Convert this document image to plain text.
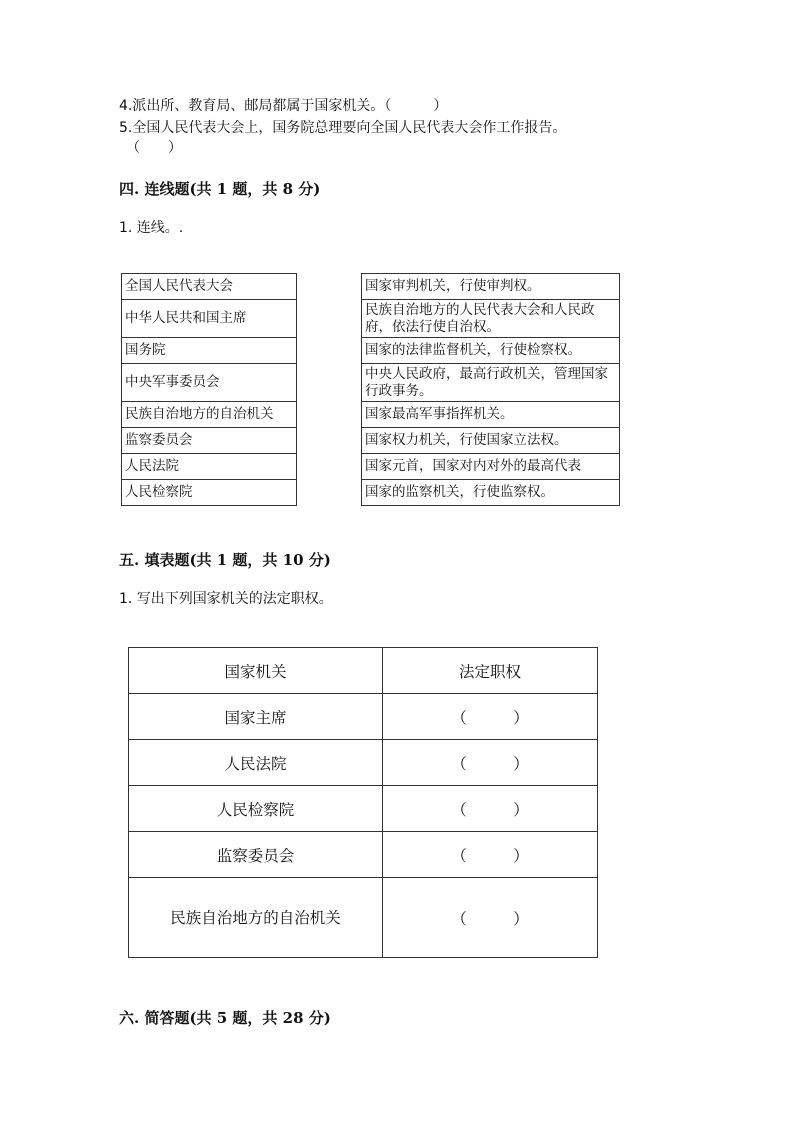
4.派出所、教育局、邮局都属于国家机关。（　　　）
5.全国人民代表大会上，国务院总理要向全国人民代表大会作工作报告。
（　　）
四. 连线题(共 1 题，共 8 分)
1. 连线。.
全国人民代表大会
中华人民共和国主席
国务院
中央军事委员会
民族自治地方的自治机关
监察委员会
人民法院
人民检察院
国家审判机关，行使审判权。
民族自治地方的人民代表大会和人民政府，依法行使自治权。
国家的法律监督机关，行使检察权。
中央人民政府，最高行政机关，管理国家行政事务。
国家最高军事指挥机关。
国家权力机关，行使国家立法权。
国家元首，国家对内对外的最高代表
国家的监察机关，行使监察权。
五. 填表题(共 1 题，共 10 分)
1. 写出下列国家机关的法定职权。
国家机关	法定职权
国家主席	（　　　）
人民法院	（　　　）
人民检察院	（　　　）
监察委员会	（　　　）
民族自治地方的自治机关	（　　　）
六. 简答题(共 5 题，共 28 分)
